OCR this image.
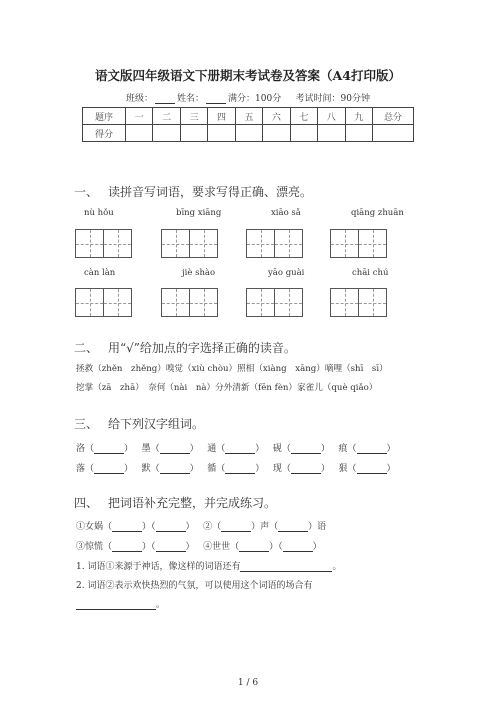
语文版四年级语文下册期末考试卷及答案（A4打印版）
班级：	姓名：	满分：100分 考试时间：90分钟
题序	一	二	三	四	五	六	七	八	九	总分
得分										
一、 读拼音写词语，要求写得正确、漂亮。
nù hǒu	bīng xiāng	xiāo sǎ	qiāng zhuān
càn làn	jiè shào	yāo guài	chāi chú
二、 用“√”给加点的字选择正确的读音。
拯救（zhěn　zhěng）嗅觉（xiù chòu）照相（xiàng　xāng）嘀哩（shī　sī）
挖掌（zā　zhā）　奈何（nài　nà）分外清新（fēn fèn）家雀儿（què qiǎo）
三、 给下列汉字组词。
洛（	）   墨（	）   通（	）   砚（	）   痕（	）
落（	）   默（	）   循（	）   现（	）   狠（	）
四、 把词语补充完整，并完成练习。
①女娲（	）（	） ②（	）声（	）语
③惊慌（	）（	） ④世世（	）（	）
1. 词语①来源于神话，像这样的词语还有	。
2. 词语②表示欢快热烈的气氛，可以使用这个词语的场合有
。
1 / 6
